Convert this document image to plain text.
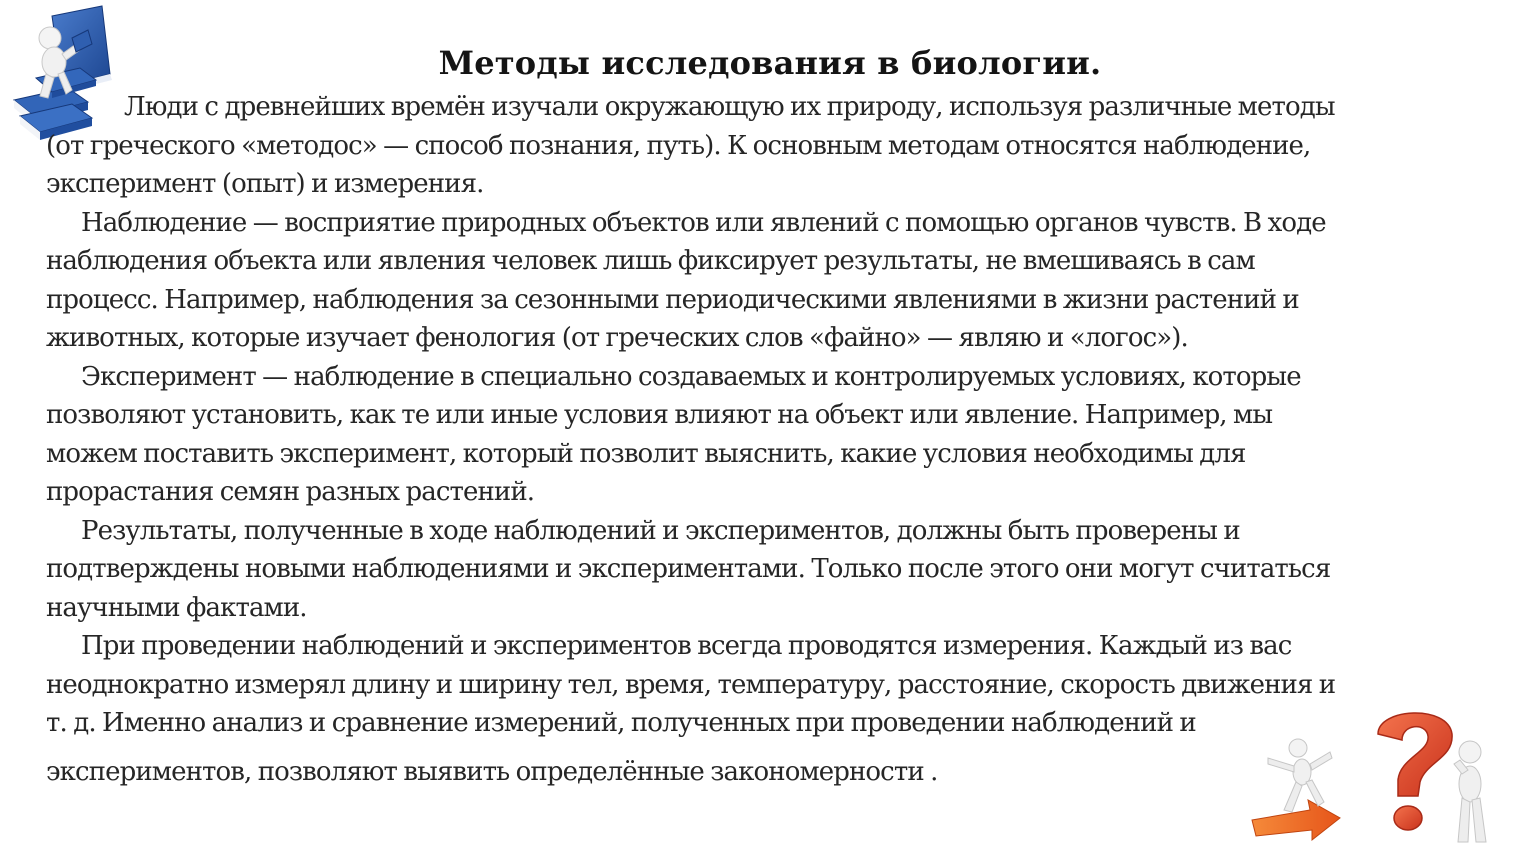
Методы исследования в биологии.
Люди с древнейших времён изучали окружающую их природу, используя различные методы
(от греческого «методос» — способ познания, путь). К основным методам относятся наблюдение,
эксперимент (опыт) и измерения.
Наблюдение — восприятие природных объектов или явлений с помощью органов чувств. В ходе
наблюдения объекта или явления человек лишь фиксирует результаты, не вмешиваясь в сам
процесс. Например, наблюдения за сезонными периодическими явлениями в жизни растений и
животных, которые изучает фенология (от греческих слов «файно» — являю и «логос»).
Эксперимент — наблюдение в специально создаваемых и контролируемых условиях, которые
позволяют установить, как те или иные условия влияют на объект или явление. Например, мы
можем поставить эксперимент, который позволит выяснить, какие условия необходимы для
прорастания семян разных растений.
Результаты, полученные в ходе наблюдений и экспериментов, должны быть проверены и
подтверждены новыми наблюдениями и экспериментами. Только после этого они могут считаться
научными фактами.
При проведении наблюдений и экспериментов всегда проводятся измерения. Каждый из вас
неоднократно измерял длину и ширину тел, время, температуру, расстояние, скорость движения и
т. д. Именно анализ и сравнение измерений, полученных при проведении наблюдений и
экспериментов, позволяют выявить определённые закономерности .
